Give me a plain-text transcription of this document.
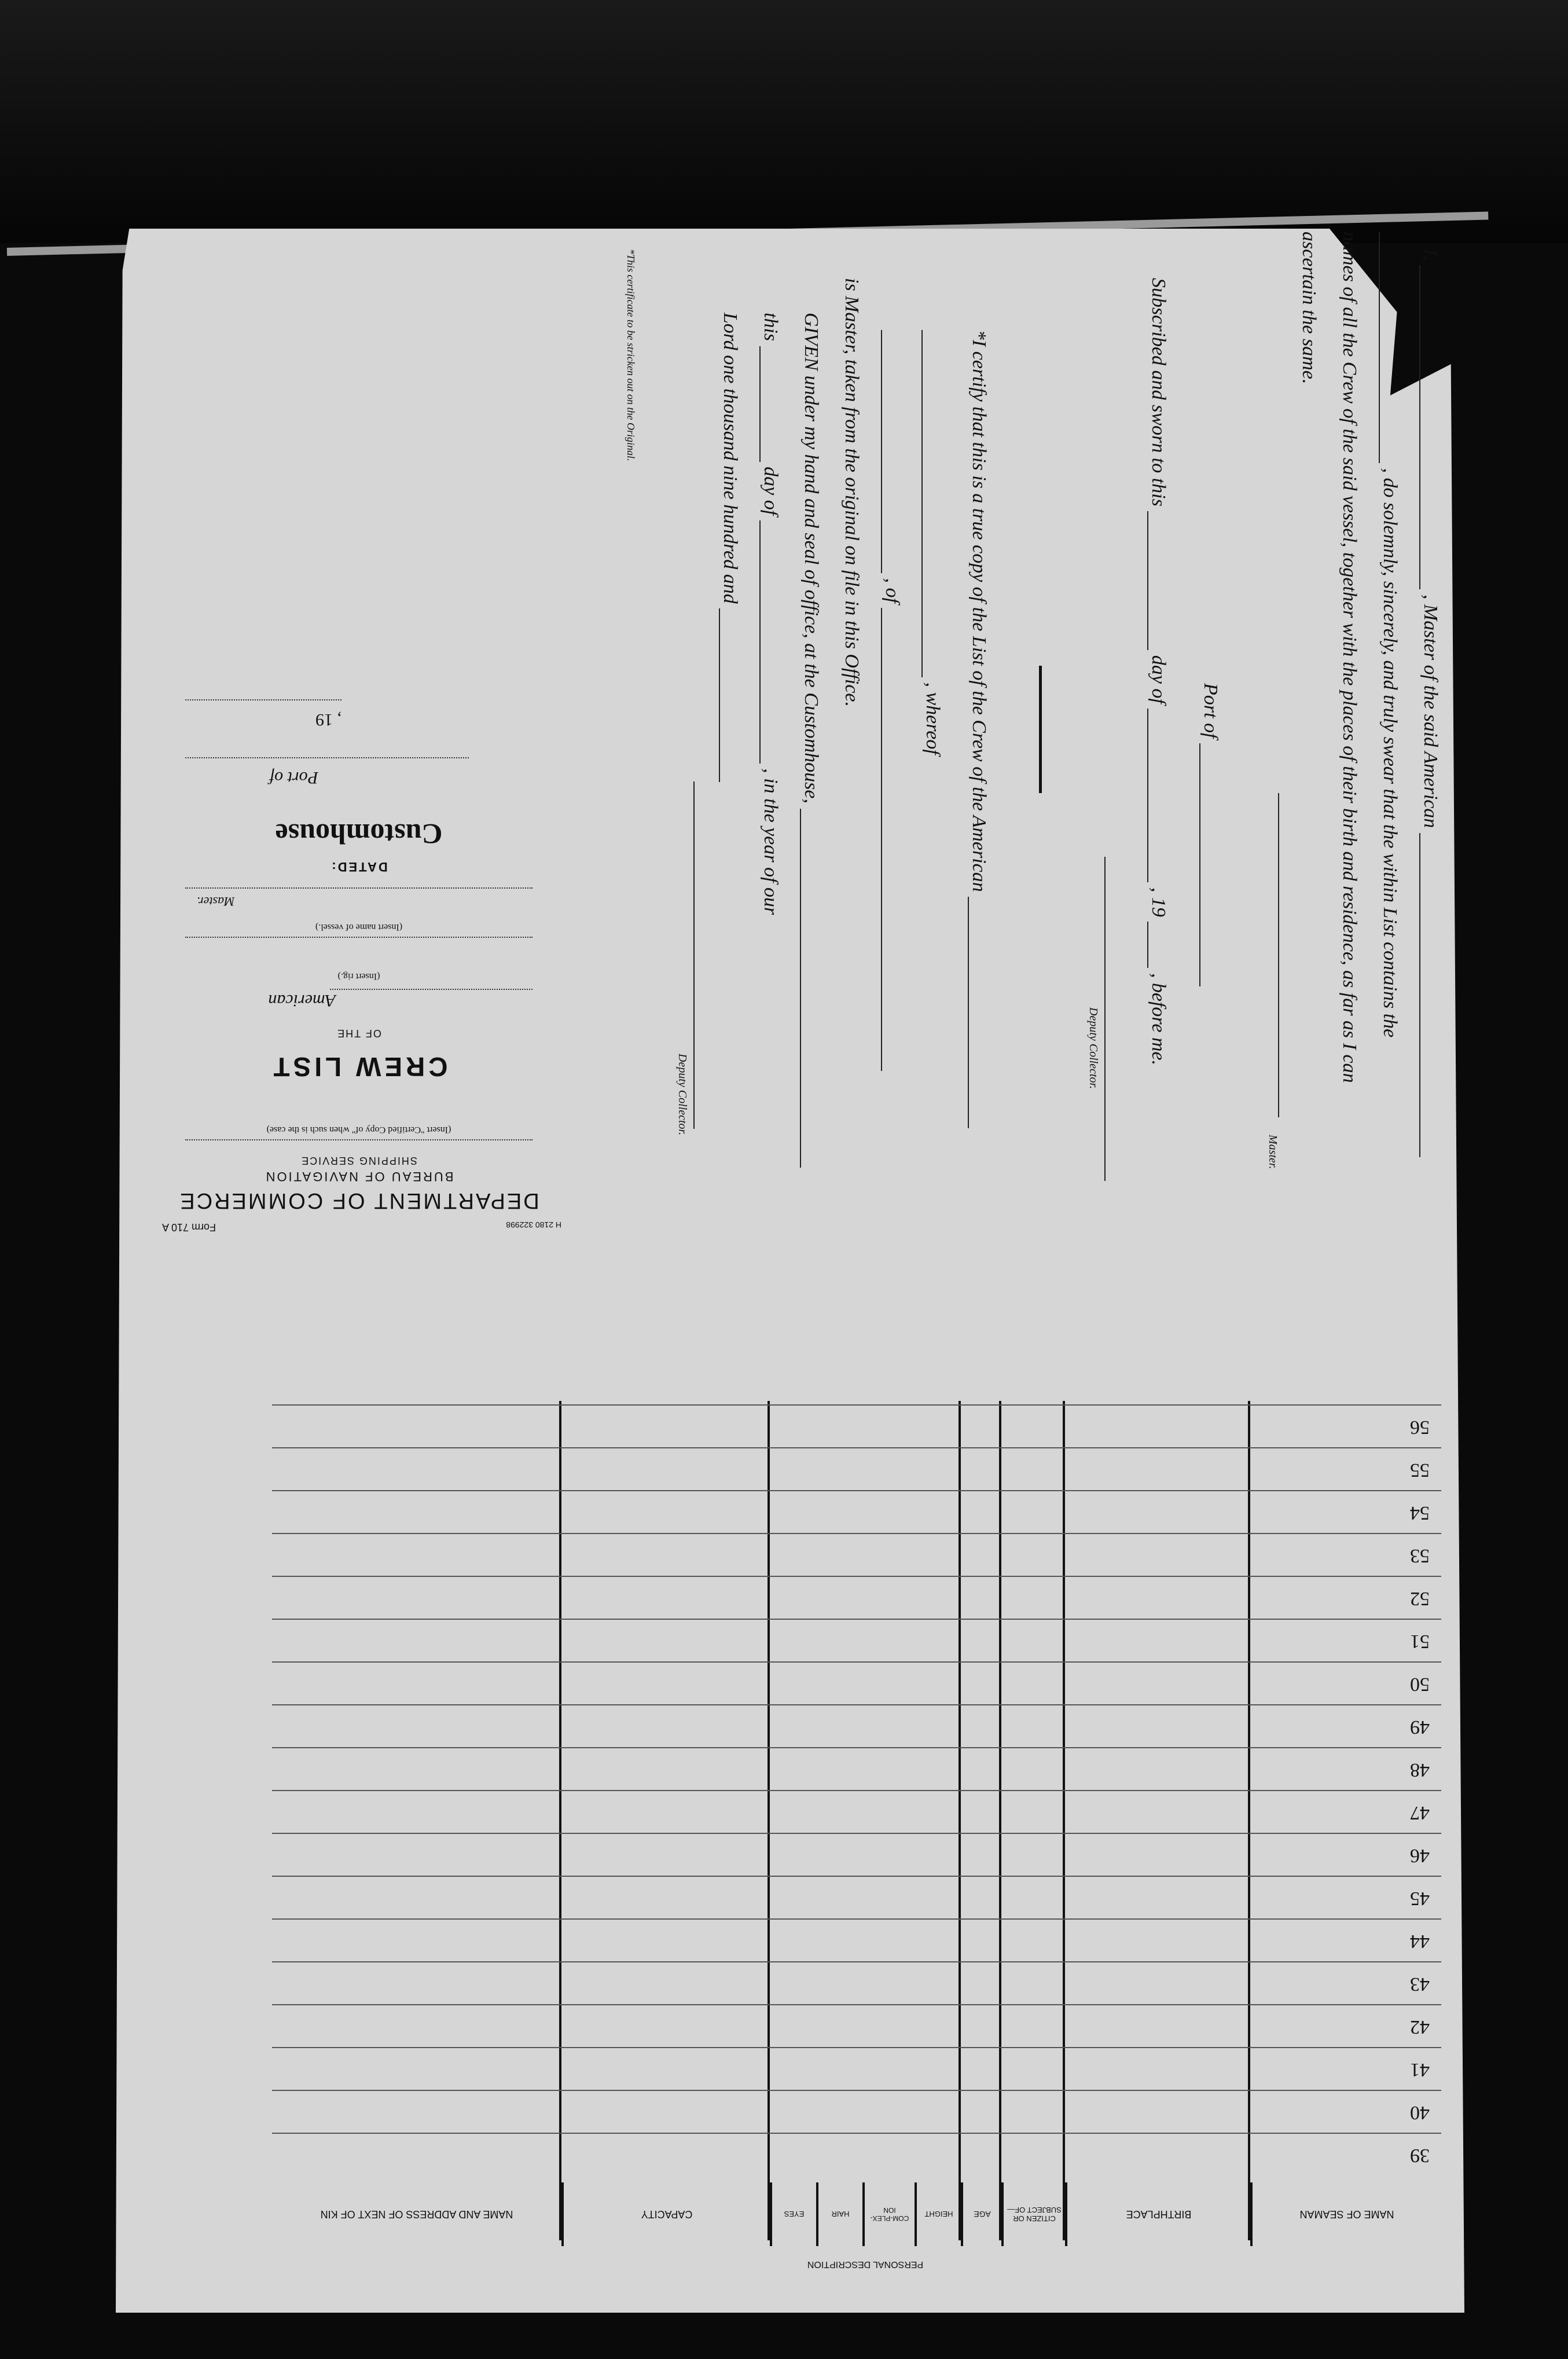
I,  , Master of the said American
, do solemnly, sincerely, and truly swear that the within List contains the
names of all the Crew of the said vessel, together with the places of their birth and residence, as far as I can
ascertain the same.
Master.
Port of
Subscribed and sworn to this  day of  , 19  , before me.
Deputy Collector.
*I certify that this is a true copy of the List of the Crew of the American
, whereof
, of
is Master, taken from the original on file in this Office.
GIVEN under my hand and seal of office, at the Customhouse,
this  day of  , in the year of our
Lord one thousand nine hundred and
Deputy Collector.
*This certificate to be stricken out on the Original.
H 2180 322998
Form 710 A
DEPARTMENT OF COMMERCE
BUREAU OF NAVIGATION
SHIPPING SERVICE
(Insert "Certified Copy of" when such is the case)
CREW LIST
OF THE
American
(Insert rig.)
(Insert name of vessel.)
Master.
DATED:
Customhouse
Port of
, 19
NAME OF SEAMAN
BIRTHPLACE
CITIZEN OR SUBJECT OF—
AGE
HEIGHT
COM-PLEX-ION
HAIR
EYES
CAPACITY
NAME AND ADDRESS OF NEXT OF KIN
PERSONAL DESCRIPTION
39
40
41
42
43
44
45
46
47
48
49
50
51
52
53
54
55
56
